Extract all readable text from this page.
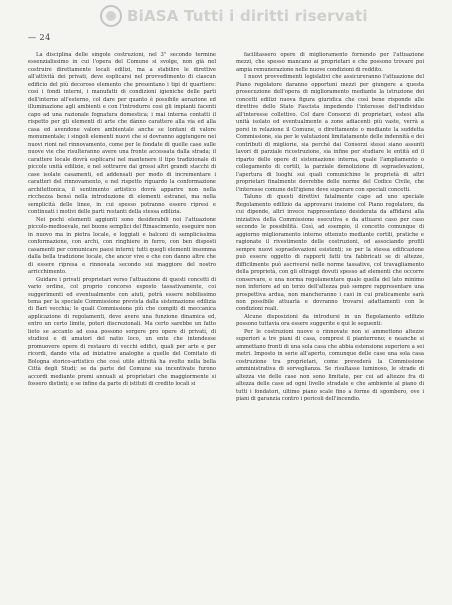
BiASA Tutti i diritti riservati
— 24

La disciplina delle singole costruzioni, nel 3° secondo termine essenzialissimo in cui l'opera del Comune si svolge, non già nel costruire direttamente locali edilizi, ma a stabilire le direttive all'attività dei privati, deve esplicarsi nel provvedimento di ciascun edificio del più decoroso elemento che presentano i tipi di quartiere: così i fondi interni, i manufatti di condizioni igieniche delle parti dell'interno all'esterno, col dare per quanto è possibile aerazione ed illuminazione agli ambienti e con l'introdurre cosi gli impianti facenti capo ad una razionale fognatura domestica; i mai interna contatti il rispetto per gli elementi di arte che dànno carattere alla via ed alla casa ed avendone valore ambientale anche se lontani di valore monumentale; i singoli elementi nuovi che si dovranno aggiungere nei nuovi rioni nel rinnovamento, come per le fondate di quelle case sulle nuove vie che risulteranno avere una fronte accessata dalla strada; il carattere locale dovrà esplicarsi nel mantenere il tipo tradizionale di piccole unità edilizie, e nel sottrarre dai grossi altri grandi stacchi di case isolate casamenti, ed addensati per modo di incrementare i caratteri del rinnovamento, e nel rispetto riguardo la conformazione architettonica, il sentimento artistico dovrà apparire non nella ricchezza bensì nella introduzione di elementi estranei, ma nella semplicità delle linee, in cui spesso potranno essere ripresi e continuati i motivi delle parti restanti della stessa edilizia.

Nei pochi elementi aggiunti sono desiderabili noi l'attuazione piccolo-medioevale, nei buone semplici del Rinascimento, eseguire non in nuovo ma in pietra locale, e loggiati e balconi di semplicissima conformazione, con archi, con ringhiere in ferro, con ben disposti casamenti per comunicare paesi interni; tutti quegli elementi insomma dalla bella tradizione locale, che ancor vive e che con danno altre che di essere ripresa e rinnovata secondo sui maggiore del nostro arricchimento.

Guidare i privati proprietari verso l'attuazione di questi concetti di vario ordine, col proprio concorso esposto tassativamente, coi suggerimenti ed eventualmente con aiuti, potrà essere nobilissimo tema per la speciale Commissione prevista dalla sistemazione edilizia di Bari vecchia; le quali Commissione più che compiti di meccanica applicazione di regolamenti, deve avere una funzione dinamica ed, entro un certo limite, poteri discrezionali. Ma certo sarebbe un fatto lieto se accanto ad essa possono sorgere pro opere di privati, di studiosi e di amatori del natio loco, un ente che intendesse promuovere opere di restauro di vecchi edifici, quali per arte e per ricordi, dando vita ad iniziative analoghe a quelle del Comitato di Bologna storico-artistico che così utile attività ha svolto nella bella Città degli Studi; se da parte del Comune sia incentivate furono accordi mediante premi annuali ai proprietari che maggiormente si fossero distinti; e se infine da parte di istituti di credito locali si

facilitassero opere di miglioramento fornendo per l'attuazione mezzi, che spesso mancano ai proprietari e che possono trovare poi ampia remunerazione nelle nuove condizioni di reddito.

I nuovi provvedimenti legislativi che assicureranno l'attuazione del Piano regolatore daranno opportuni mezzi per giungere a questa prosecuzione dell'opera di miglioramento mediante la istruzione dei concetti edilizi nuova figura giuridica che così bene risponde alle direttive dello Stato Fascista impedendo l'interesse dell'individuo all'interesse collettivo. Col dare Consorzi di proprietari, estesi alla unità isolato ed eventualmente a zone adiacenti più vaste, verrà a porsi in relazione il Comune, o direttamente o mediante la suddetta Commissione, sia per le valutazioni limitatamente delle indennità e dei contributi di migliorie, sia perché dai Consorzi stessi siano assunti lavori di parziale ricostruzione, sia infine per studiare le entità ed il riparto delle opere di sistemazione interna, quale l'ampliamento o collegamento di cortili, la parziale demolizione di sopraelevazioni, l'apertura di luoghi sui quali comunichino le proprietà di altri proprietari finalmente dovrebbe delle norme del Codice Civile, che l'interesse comune dell'igiene deve superare con speciali concetti.

Taluno di questi direttivi fatalmente capo ad uno speciale Regolamento edilizio da approvarsi insieme col Piano regolatore, da cui dipende, altri invece rappresentano desiderata da affidarsi alla iniziativa della Commissione esecutiva e da attuarsi caso per caso secondo le possibilità. Così, ad esempio, il concetto comunque di aggiorno miglioramento interno ottenuto mediante cortili, pratiche e ragionate il rivestimento delle costruzioni, od associando profili sempre nuovi sopraelevazioni esistenti; se per la stessa edificazione può essere oggetto di rapporti fatti tra fabbricati se di altezze, difficilmente può ascriversi nelle norme tassative, col travagliamento della proprietà, con gli oltraggi dovuti spesso ad elementi che occorre conservare, e una norma regolamentare quale quella del lato minimo non inferiore ad un terzo dell'altezza può sempre rappresentare una prospettiva ardua, non mancheranno i casi in cui praticamente sarà non possibile attuarla e dovranno trovarsi adattamenti con le condizioni reali.

Alcune disposizioni da introdursi in un Regolamento edilizio possono tuttavia ora essere suggerite e qui le seguenti:

Per le costruzioni nuove o rinnovate non si ammettono altezze superiori a tre piani di casa, compresi il pianterreno; e neanche si ammettano fronti di una sola casa che abbia estensione superiore a sei metri. Imposto in serie all'aperto, comunque delle case una sola casa costruzione tra proprietari, come prevederà la Commissione amministrativa di sorveglianza. Se risultasse luminoso, le strade di altezza vie delle case non sono limitate, per cui ad altezze fra di altezza delle case ad ogni livello stradale e che ambiente al piano di tutti i fondatori, ultimo piano scale fino a forme di sgombero, ove i piani di garanzia contro i pericoli dell'incendio.
